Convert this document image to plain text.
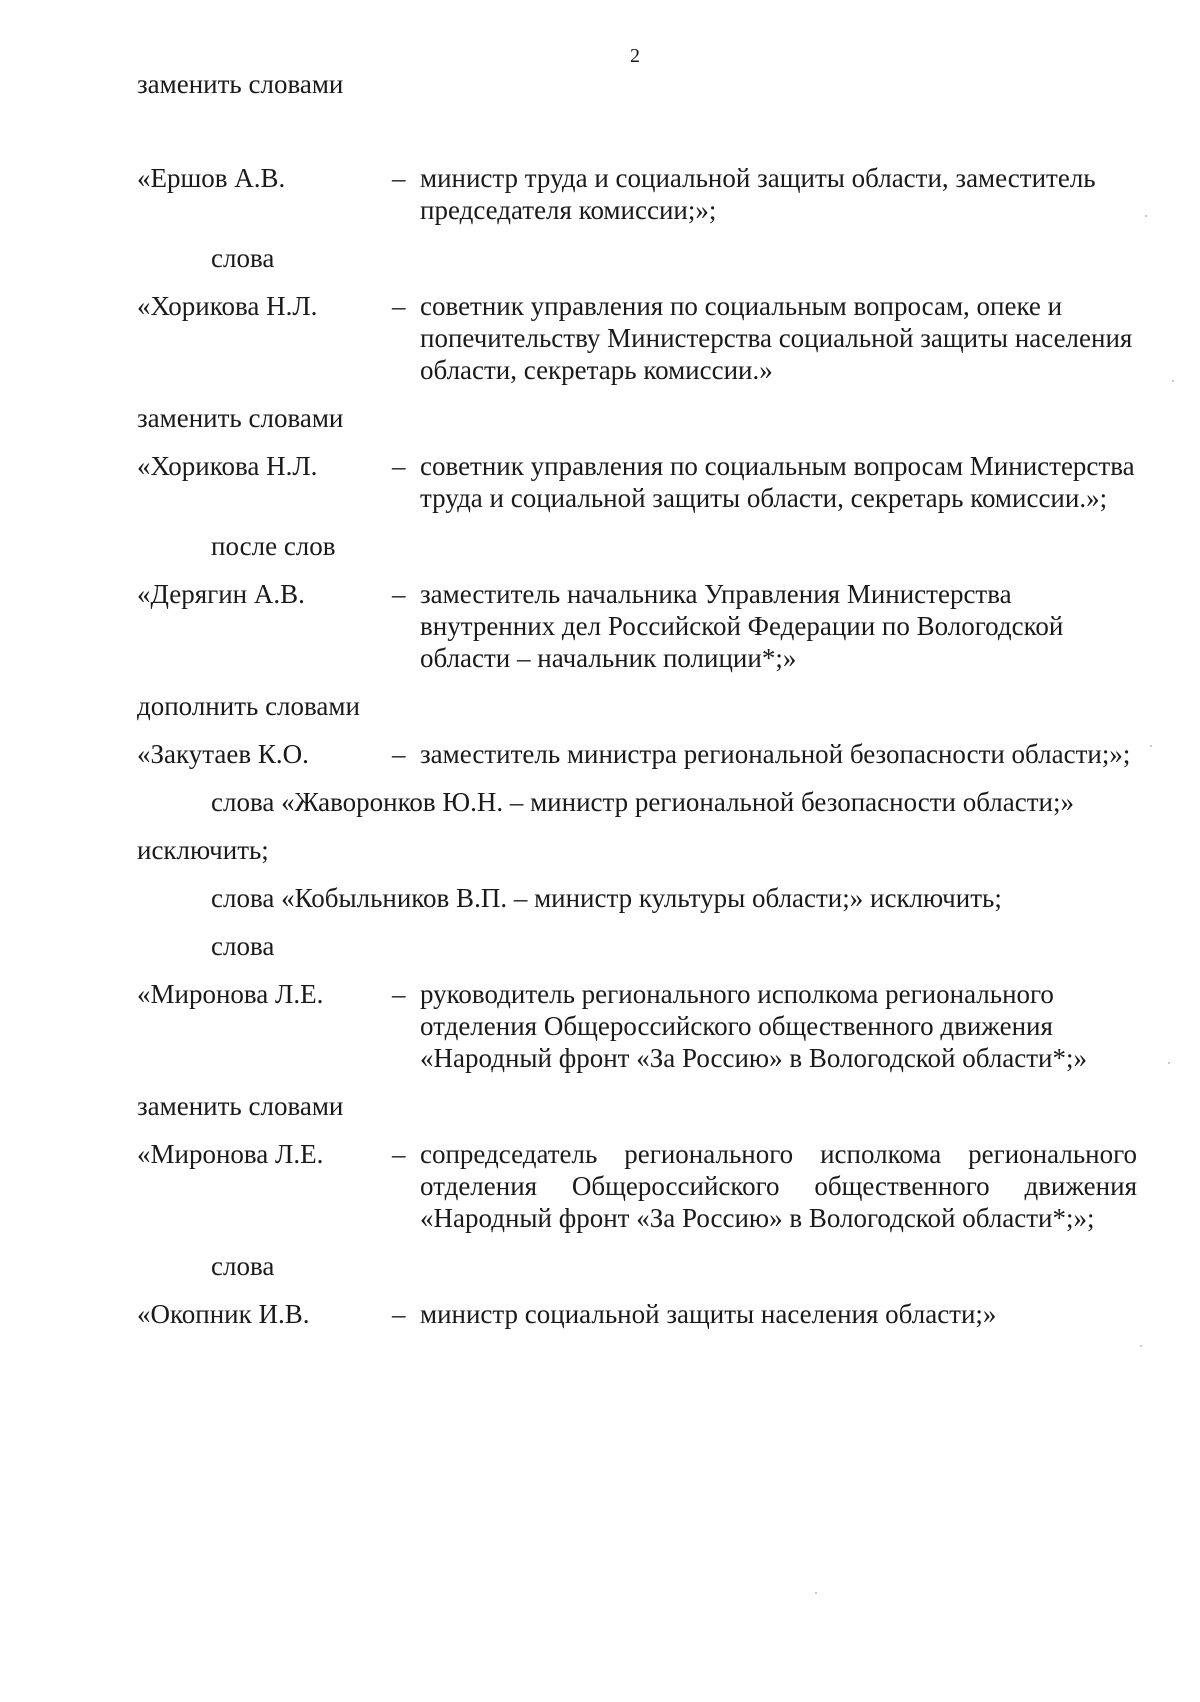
2

заменить словами

«Ершов А.В.	– министр труда и социальной защиты области, заместитель председателя комиссии;»;

слова

«Хорикова Н.Л.	– советник управления по социальным вопросам, опеке и попечительству Министерства социальной защиты населения области, секретарь комиссии.»

заменить словами

«Хорикова Н.Л.	– советник управления по социальным вопросам Министерства труда и социальной защиты области, секретарь комиссии.»;

после слов

«Дерягин А.В.	– заместитель начальника Управления Министерства внутренних дел Российской Федерации по Вологодской области – начальник полиции*;»

дополнить словами

«Закутаев К.О.	– заместитель министра региональной безопасности области;»;

слова «Жаворонков Ю.Н. – министр региональной безопасности области;»
исключить;

слова «Кобыльников В.П. – министр культуры области;» исключить;

слова

«Миронова Л.Е.	– руководитель регионального исполкома регионального отделения Общероссийского общественного движения «Народный фронт «За Россию» в Вологодской области*;»

заменить словами

«Миронова Л.Е.	– сопредседатель регионального исполкома регионального отделения Общероссийского общественного движения «Народный фронт «За Россию» в Вологодской области*;»;

слова

«Окопник И.В.	– министр социальной защиты населения области;»
